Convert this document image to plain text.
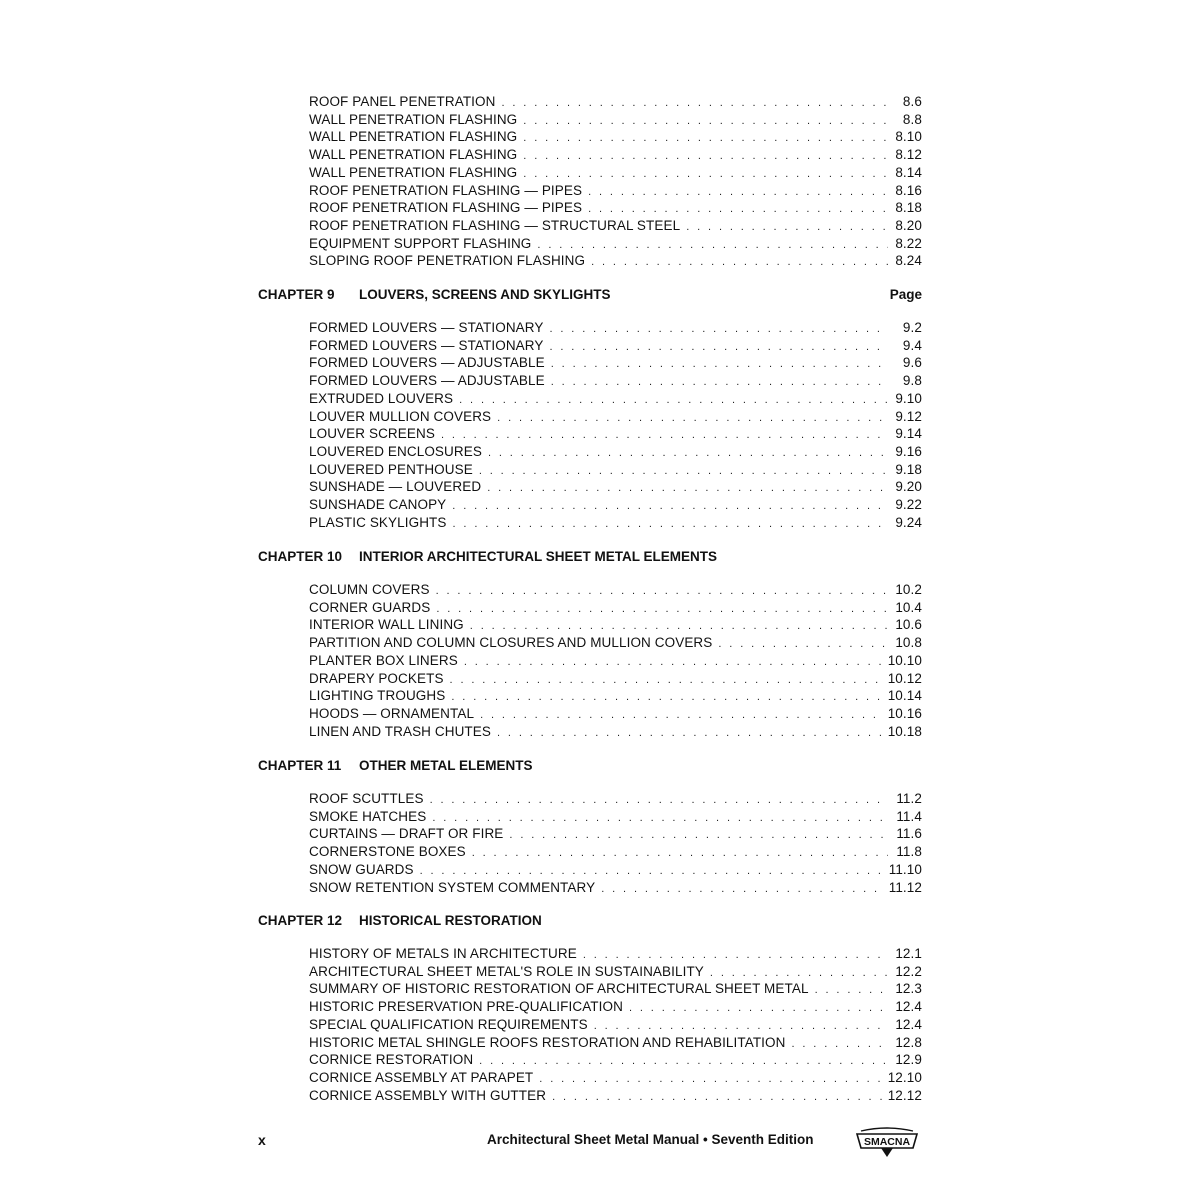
ROOF PANEL PENETRATION . . .	8.6
WALL PENETRATION FLASHING . . .	8.8
WALL PENETRATION FLASHING . . .	8.10
WALL PENETRATION FLASHING . . .	8.12
WALL PENETRATION FLASHING . . .	8.14
ROOF PENETRATION FLASHING — PIPES . . .	8.16
ROOF PENETRATION FLASHING — PIPES . . .	8.18
ROOF PENETRATION FLASHING — STRUCTURAL STEEL . . .	8.20
EQUIPMENT SUPPORT FLASHING . . .	8.22
SLOPING ROOF PENETRATION FLASHING . . .	8.24
CHAPTER 9 LOUVERS, SCREENS AND SKYLIGHTS	Page
FORMED LOUVERS — STATIONARY . . .	9.2
FORMED LOUVERS — STATIONARY . . .	9.4
FORMED LOUVERS — ADJUSTABLE . . .	9.6
FORMED LOUVERS — ADJUSTABLE . . .	9.8
EXTRUDED LOUVERS . . .	9.10
LOUVER MULLION COVERS . . .	9.12
LOUVER SCREENS . . .	9.14
LOUVERED ENCLOSURES . . .	9.16
LOUVERED PENTHOUSE . . .	9.18
SUNSHADE — LOUVERED . . .	9.20
SUNSHADE CANOPY . . .	9.22
PLASTIC SKYLIGHTS . . .	9.24
CHAPTER 10 INTERIOR ARCHITECTURAL SHEET METAL ELEMENTS
COLUMN COVERS . . .	10.2
CORNER GUARDS . . .	10.4
INTERIOR WALL LINING . . .	10.6
PARTITION AND COLUMN CLOSURES AND MULLION COVERS . . .	10.8
PLANTER BOX LINERS . . .	10.10
DRAPERY POCKETS . . .	10.12
LIGHTING TROUGHS . . .	10.14
HOODS — ORNAMENTAL . . .	10.16
LINEN AND TRASH CHUTES . . .	10.18
CHAPTER 11 OTHER METAL ELEMENTS
ROOF SCUTTLES . . .	11.2
SMOKE HATCHES . . .	11.4
CURTAINS — DRAFT OR FIRE . . .	11.6
CORNERSTONE BOXES . . .	11.8
SNOW GUARDS . . .	11.10
SNOW RETENTION SYSTEM COMMENTARY . . .	11.12
CHAPTER 12 HISTORICAL RESTORATION
HISTORY OF METALS IN ARCHITECTURE . . .	12.1
ARCHITECTURAL SHEET METAL'S ROLE IN SUSTAINABILITY . . .	12.2
SUMMARY OF HISTORIC RESTORATION OF ARCHITECTURAL SHEET METAL . . .	12.3
HISTORIC PRESERVATION PRE-QUALIFICATION . . .	12.4
SPECIAL QUALIFICATION REQUIREMENTS . . .	12.4
HISTORIC METAL SHINGLE ROOFS RESTORATION AND REHABILITATION . . .	12.8
CORNICE RESTORATION . . .	12.9
CORNICE ASSEMBLY AT PARAPET . . .	12.10
CORNICE ASSEMBLY WITH GUTTER . . .	12.12
x	Architectural Sheet Metal Manual • Seventh Edition	SMACNA
